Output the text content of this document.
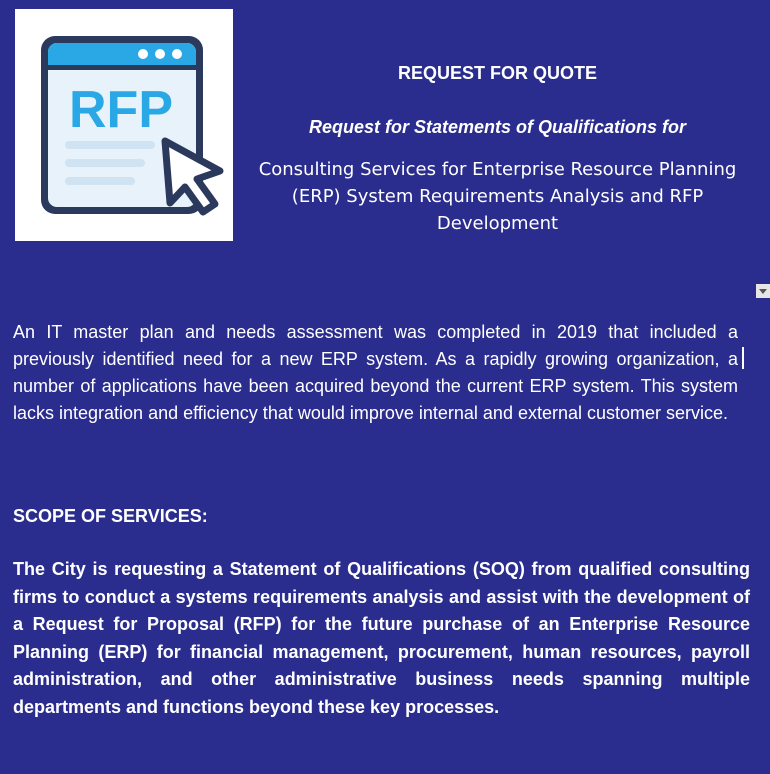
RFP

REQUEST FOR QUOTE

Request for Statements of Qualifications for

Consulting Services for Enterprise Resource Planning (ERP) System Requirements Analysis and RFP Development

An IT master plan and needs assessment was completed in 2019 that included a previously identified need for a new ERP system. As a rapidly growing organization, a number of applications have been acquired beyond the current ERP system. This system lacks integration and efficiency that would improve internal and external customer service.

SCOPE OF SERVICES:

The City is requesting a Statement of Qualifications (SOQ) from qualified consulting firms to conduct a systems requirements analysis and assist with the development of a Request for Proposal (RFP) for the future purchase of an Enterprise Resource Planning (ERP) for financial management, procurement, human resources, payroll administration, and other administrative business needs spanning multiple departments and functions beyond these key processes.
